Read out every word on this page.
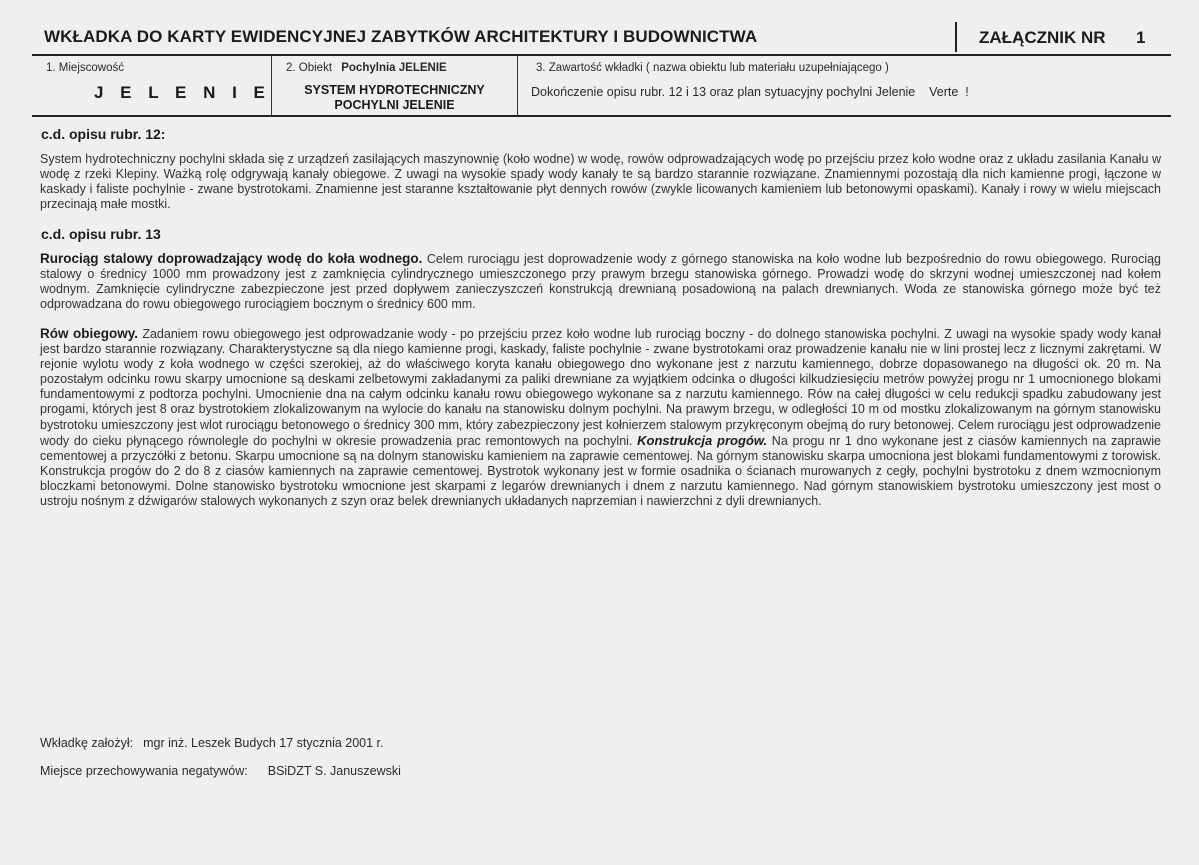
WKŁADKA DO KARTY EWIDENCYJNEJ ZABYTKÓW ARCHITEKTURY I BUDOWNICTWA	ZAŁĄCZNIK NR 1
1. Miejscowość
J E L E N I E
2. Obiekt Pochylnia JELENIE
SYSTEM HYDROTECHNICZNY
POCHYLNI JELENIE
3. Zawartość wkładki ( nazwa obiektu lub materiału uzupełniającego )
Dokończenie opisu rubr. 12 i 13 oraz plan sytuacyjny pochylni Jelenie    Verte  !
c.d. opisu rubr. 12:
System hydrotechniczny pochylni składa się z urządzeń zasilających maszynownię (koło wodne) w wodę, rowów odprowadzających wodę po przejściu przez koło wodne oraz z układu zasilania Kanału w wodę z rzeki Klepiny. Ważką rolę odgrywają kanały obiegowe. Z uwagi na wysokie spady wody kanały te są bardzo starannie rozwiązane. Znamiennymi pozostają dla nich kamienne progi, łączone w kaskady i faliste pochylnie - zwane bystrotokami. Znamienne jest staranne kształtowanie płyt dennych rowów (zwykle licowanych kamieniem lub betonowymi opaskami). Kanały i rowy w wielu miejscach przecinają małe mostki.
c.d. opisu rubr. 13
Rurociąg stalowy doprowadzający wodę do koła wodnego. Celem rurociągu jest doprowadzenie wody z górnego stanowiska na koło wodne lub bezpośrednio do rowu obiegowego. Rurociąg stalowy o średnicy 1000 mm prowadzony jest z zamknięcia cylindrycznego umieszczonego przy prawym brzegu stanowiska górnego. Prowadzi wodę do skrzyni wodnej umieszczonej nad kołem wodnym. Zamknięcie cylindryczne zabezpieczone jest przed dopływem zanieczyszczeń konstrukcją drewnianą posadowioną na palach drewnianych. Woda ze stanowiska górnego może być też odprowadzana do rowu obiegowego rurociągiem bocznym o średnicy 600 mm.
Rów obiegowy. Zadaniem rowu obiegowego jest odprowadzanie wody - po przejściu przez koło wodne lub rurociąg boczny - do dolnego stanowiska pochylni. Z uwagi na wysokie spady wody kanał jest bardzo starannie rozwiązany. Charakterystyczne są dla niego kamienne progi, kaskady, faliste pochylnie - zwane bystrotokami oraz prowadzenie kanału nie w lini prostej lecz z licznymi zakrętami. W rejonie wylotu wody z koła wodnego w części szerokiej, aż do właściwego koryta kanału obiegowego dno wykonane jest z narzutu kamiennego, dobrze dopasowanego na długości ok. 20 m. Na pozostałym odcinku rowu skarpy umocnione są deskami zelbetowymi zakładanymi za paliki drewniane za wyjątkiem odcinka o długości kilkudziesięciu metrów powyżej progu nr 1 umocnionego blokami fundamentowymi z podtorza pochylni. Umocnienie dna na całym odcinku kanału rowu obiegowego wykonane sa z narzutu kamiennego. Rów na całej długości w celu redukcji spadku zabudowany jest progami, których jest 8 oraz bystrotokiem zlokalizowanym na wylocie do kanału na stanowisku dolnym pochylni. Na prawym brzegu, w odległości 10 m od mostku zlokalizowanym na górnym stanowisku bystrotoku umieszczony jest wlot rurociągu betonowego o średnicy 300 mm, który zabezpieczony jest kołnierzem stalowym przykręconym obejmą do rury betonowej. Celem rurociągu jest odprowadzenie wody do cieku płynącego równolegle do pochylni w okresie prowadzenia prac remontowych na pochylni. Konstrukcja progów. Na progu nr 1 dno wykonane jest z ciasów kamiennych na zaprawie cementowej a przyczółki z betonu. Skarpu umocnione są na dolnym stanowisku kamieniem na zaprawie cementowej. Na górnym stanowisku skarpa umocniona jest blokami fundamentowymi z torowisk. Konstrukcja progów do 2 do 8 z ciasów kamiennych na zaprawie cementowej. Bystrotok wykonany jest w formie osadnika o ścianach murowanych z cegły, pochylni bystrotoku z dnem wzmocnionym bloczkami betonowymi. Dolne stanowisko bystrotoku wmocnione jest skarpami z legarów drewnianych i dnem z narzutu kamiennego. Nad górnym stanowiskiem bystrotoku umieszczony jest most o ustroju nośnym z dźwigarów stalowych wykonanych z szyn oraz belek drewnianych układanych naprzemian i nawierzchni z dyli drewnianych.
Wkładkę założył: mgr inż. Leszek Budych 17 stycznia 2001 r.
Miejsce przechowywania negatywów: BSiDZT S. Januszewski
